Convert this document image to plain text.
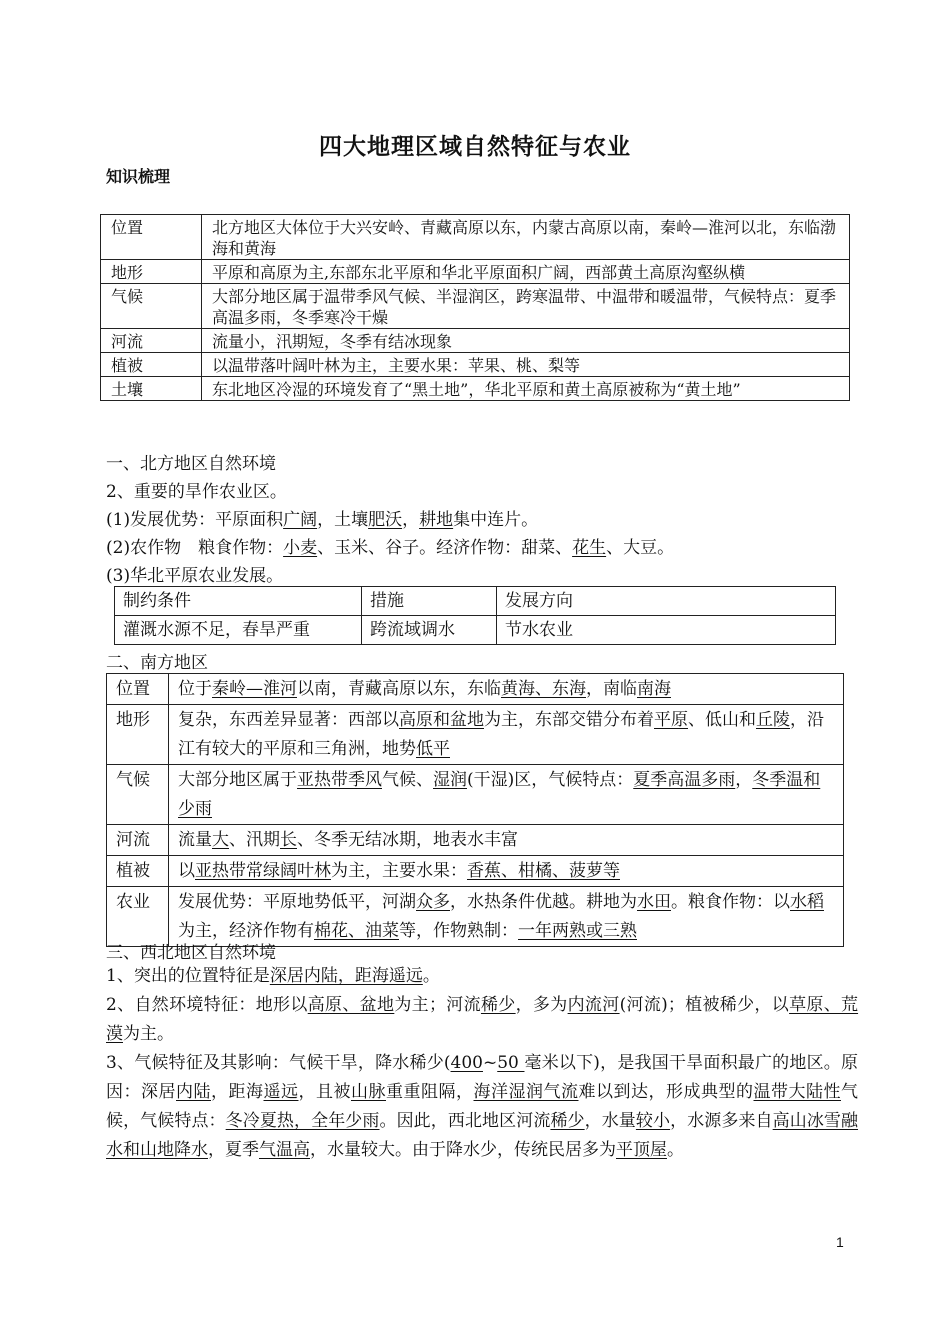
四大地理区域自然特征与农业
知识梳理
位置	北方地区大体位于大兴安岭、青藏高原以东，内蒙古高原以南，秦岭—淮河以北，东临渤海和黄海
地形	平原和高原为主,东部东北平原和华北平原面积广阔，西部黄土高原沟壑纵横
气候	大部分地区属于温带季风气候、半湿润区，跨寒温带、中温带和暖温带，气候特点：夏季高温多雨，冬季寒冷干燥
河流	流量小，汛期短，冬季有结冰现象
植被	以温带落叶阔叶林为主，主要水果：苹果、桃、梨等
土壤	东北地区冷湿的环境发育了“黑土地”，华北平原和黄土高原被称为“黄土地”
一、北方地区自然环境
2、重要的旱作农业区。
(1)发展优势：平原面积广阔，土壤肥沃，耕地集中连片。
(2)农作物　粮食作物：小麦、玉米、谷子。经济作物：甜菜、花生、大豆。
(3)华北平原农业发展。
制约条件	措施	发展方向
灌溉水源不足，春旱严重	跨流域调水	节水农业
二、南方地区
位置	位于秦岭—淮河以南，青藏高原以东，东临黄海、东海，南临南海
地形	复杂，东西差异显著：西部以高原和盆地为主，东部交错分布着平原、低山和丘陵，沿江有较大的平原和三角洲，地势低平
气候	大部分地区属于亚热带季风气候、湿润(干湿)区，气候特点：夏季高温多雨，冬季温和少雨
河流	流量大、汛期长、冬季无结冰期，地表水丰富
植被	以亚热带常绿阔叶林为主，主要水果：香蕉、柑橘、菠萝等
农业	发展优势：平原地势低平，河湖众多，水热条件优越。耕地为水田。粮食作物：以水稻为主，经济作物有棉花、油菜等，作物熟制：一年两熟或三熟
三、西北地区自然环境
1、突出的位置特征是深居内陆，距海遥远。
2、自然环境特征：地形以高原、盆地为主；河流稀少，多为内流河(河流)；植被稀少，以草原、荒漠为主。
3、气候特征及其影响：气候干旱，降水稀少(400~50 毫米以下)，是我国干旱面积最广的地区。原因：深居内陆，距海遥远，且被山脉重重阻隔，海洋湿润气流难以到达，形成典型的温带大陆性气候，气候特点：冬冷夏热，全年少雨。因此，西北地区河流稀少，水量较小，水源多来自高山冰雪融水和山地降水，夏季气温高，水量较大。由于降水少，传统民居多为平顶屋。
1
